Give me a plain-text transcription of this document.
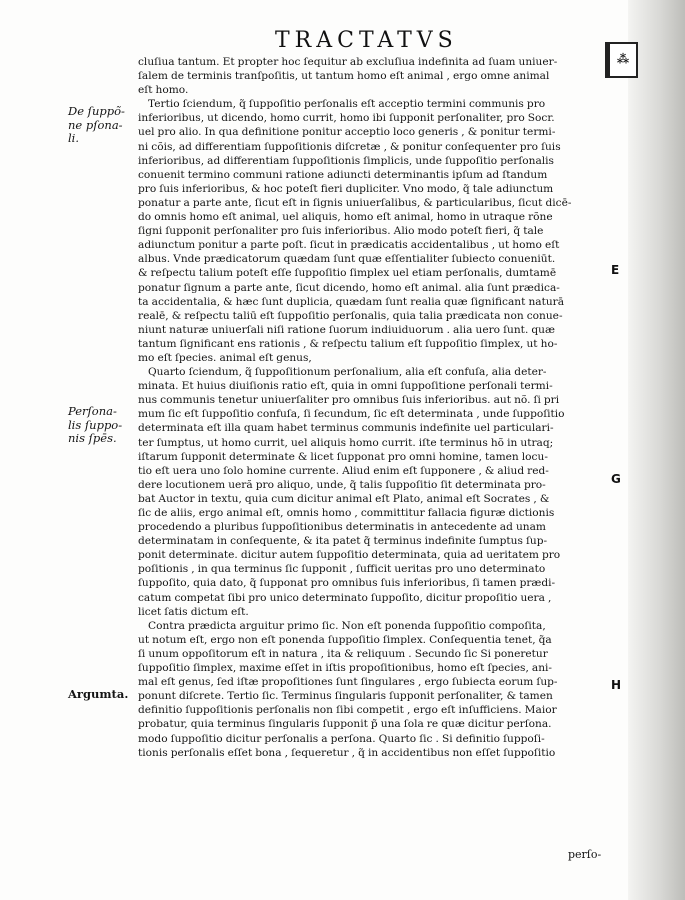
TRACTATVS
⁂

cluſiua tantum. Et propter hoc ſequitur ab excluſiua indefinita ad ſuam uniuer-
ſalem de terminis tranſpoſitis, ut tantum homo eſt animal , ergo omne animal
eſt homo.

Tertio ſciendum, q̃ ſuppoſitio perſonalis eſt acceptio termini communis pro
inferioribus, ut dicendo, homo currit, homo ibi ſupponit perſonaliter, pro Socr.
uel pro alio. In qua definitione ponitur acceptio loco generis , & ponitur termi-
ni cõis, ad differentiam ſuppoſitionis diſcretæ , & ponitur conſequenter pro ſuis
inferioribus, ad differentiam ſuppoſitionis ſimplicis, unde ſuppoſitio perſonalis
conuenit termino communi ratione adiuncti determinantis ipſum ad ſtandum
pro ſuis inferioribus, & hoc poteſt fieri dupliciter. Vno modo, q̃ tale adiunctum
ponatur a parte ante, ſicut eſt in ſignis uniuerſalibus, & particularibus, ſicut dicē-
do omnis homo eſt animal, uel aliquis, homo eſt animal, homo in utraque rõne
ſigni ſupponit perſonaliter pro ſuis inferioribus. Alio modo poteſt fieri, q̃ tale
adiunctum ponitur a parte poſt. ſicut in prædicatis accidentalibus , ut homo eſt
albus. Vnde prædicatorum quædam ſunt quæ eſſentialiter ſubiecto conueniūt.
& reſpectu talium poteſt eſſe ſuppoſitio ſimplex uel etiam perſonalis, dumtamē
ponatur ſignum a parte ante, ſicut dicendo, homo eſt animal. alia ſunt prædica-
ta accidentalia, & hæc ſunt duplicia, quædam ſunt realia quæ ſignificant naturā
realē, & reſpectu taliū eſt ſuppoſitio perſonalis, quia talia prædicata non conue-
niunt naturæ uniuerſali niſi ratione ſuorum indiuiduorum . alia uero ſunt. quæ
tantum ſignificant ens rationis , & reſpectu talium eſt ſuppoſitio ſimplex, ut ho-
mo eſt ſpecies. animal eſt genus,

Quarto ſciendum, q̃ ſuppoſitionum perſonalium, alia eſt confuſa, alia deter-
minata. Et huius diuiſionis ratio eſt, quia in omni ſuppoſitione perſonali termi-
nus communis tenetur uniuerſaliter pro omnibus ſuis inferioribus. aut nõ. ſi pri
mum ſic eſt ſuppoſitio confuſa, ſi ſecundum, ſic eſt determinata , unde ſuppoſitio
determinata eſt illa quam habet terminus communis indefinite uel particulari-
ter ſumptus, ut homo currit, uel aliquis homo currit. iſte terminus hõ in utraq;
iſtarum ſupponit determinate & licet ſupponat pro omni homine, tamen locu-
tio eſt uera uno ſolo homine currente. Aliud enim eſt ſupponere , & aliud red-
dere locutionem ueră pro aliquo, unde, q̃ talis ſuppoſitio ſit determinata pro-
bat Auctor in textu, quia cum dicitur animal eſt Plato, animal eſt Socrates , &
ſic de aliis, ergo animal eſt, omnis homo , committitur fallacia figuræ dictionis
procedendo a pluribus ſuppoſitionibus determinatis in antecedente ad unam
determinatam in conſequente, & ita patet q̃ terminus indefinite ſumptus ſup-
ponit determinate. dicitur autem ſuppoſitio determinata, quia ad ueritatem pro
poſitionis , in qua terminus ſic ſupponit , ſufficit ueritas pro uno determinato
ſuppoſito, quia dato, q̃ ſupponat pro omnibus ſuis inferioribus, ſi tamen prædi-
catum competat ſibi pro unico determinato ſuppoſito, dicitur propoſitio uera ,
licet ſatis dictum eſt.

Contra prædicta arguitur primo ſic. Non eſt ponenda ſuppoſitio compoſita,
ut notum eſt, ergo non eſt ponenda ſuppoſitio ſimplex. Conſequentia tenet, q̃a
ſi unum oppoſitorum eſt in natura , ita & reliquum . Secundo ſic Si poneretur
ſuppoſitio ſimplex, maxime eſſet in iſtis propoſitionibus, homo eſt ſpecies, ani-
mal eſt genus, ſed iſtæ propoſitiones ſunt ſingulares , ergo ſubiecta eorum ſup-
ponunt diſcrete. Tertio ſic. Terminus ſingularis ſupponit perſonaliter, & tamen
definitio ſuppoſitionis perſonalis non ſibi competit , ergo eſt inſufficiens. Maior
probatur, quia terminus ſingularis ſupponit p̃ una ſola re quæ dicitur perſona.
modo ſuppoſitio dicitur perſonalis a perſona. Quarto ſic . Si definitio ſuppoſi-
tionis perſonalis eſſet bona , ſequeretur , q̃ in accidentibus non eſſet ſuppoſitio

De ſuppõ-
ne pſona-
li.
Perſona-
lis ſuppo-
nis ſpēs.
Argumta.
E
G
H
perſo-
